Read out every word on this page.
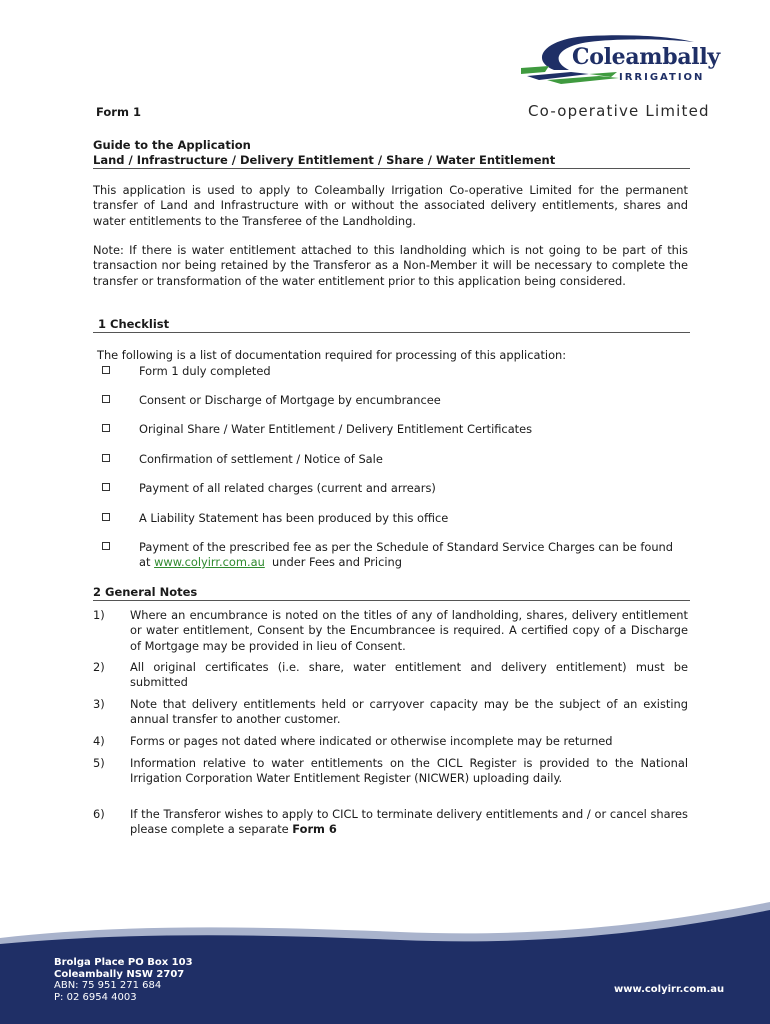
Coleambally
IRRIGATION
Co-operative Limited
Form 1
Guide to the Application
Land / Infrastructure / Delivery Entitlement / Share / Water Entitlement
This application is used to apply to Coleambally Irrigation Co-operative Limited for the permanent transfer of Land and Infrastructure with or without the associated delivery entitlements, shares and water entitlements to the Transferee of the Landholding.
Note: If there is water entitlement attached to this landholding which is not going to be part of this transaction nor being retained by the Transferor as a Non-Member it will be necessary to complete the transfer or transformation of the water entitlement prior to this application being considered.
1 Checklist
The following is a list of documentation required for processing of this application:
Form 1 duly completed
Consent or Discharge of Mortgage by encumbrancee
Original Share / Water Entitlement / Delivery Entitlement Certificates
Confirmation of settlement / Notice of Sale
Payment of all related charges (current and arrears)
A Liability Statement has been produced by this office
Payment of the prescribed fee as per the Schedule of Standard Service Charges can be found at www.colyirr.com.au  under Fees and Pricing
2 General Notes
1) Where an encumbrance is noted on the titles of any of landholding, shares, delivery entitlement or water entitlement, Consent by the Encumbrancee is required. A certified copy of a Discharge of Mortgage may be provided in lieu of Consent.
2) All original certificates (i.e. share, water entitlement and delivery entitlement) must be submitted
3) Note that delivery entitlements held or carryover capacity may be the subject of an existing annual transfer to another customer.
4) Forms or pages not dated where indicated or otherwise incomplete may be returned
5) Information relative to water entitlements on the CICL Register is provided to the National Irrigation Corporation Water Entitlement Register (NICWER) uploading daily.
6) If the Transferor wishes to apply to CICL to terminate delivery entitlements and / or cancel shares please complete a separate Form 6
Brolga Place PO Box 103
Coleambally NSW 2707
ABN: 75 951 271 684
P: 02 6954 4003
www.colyirr.com.au
